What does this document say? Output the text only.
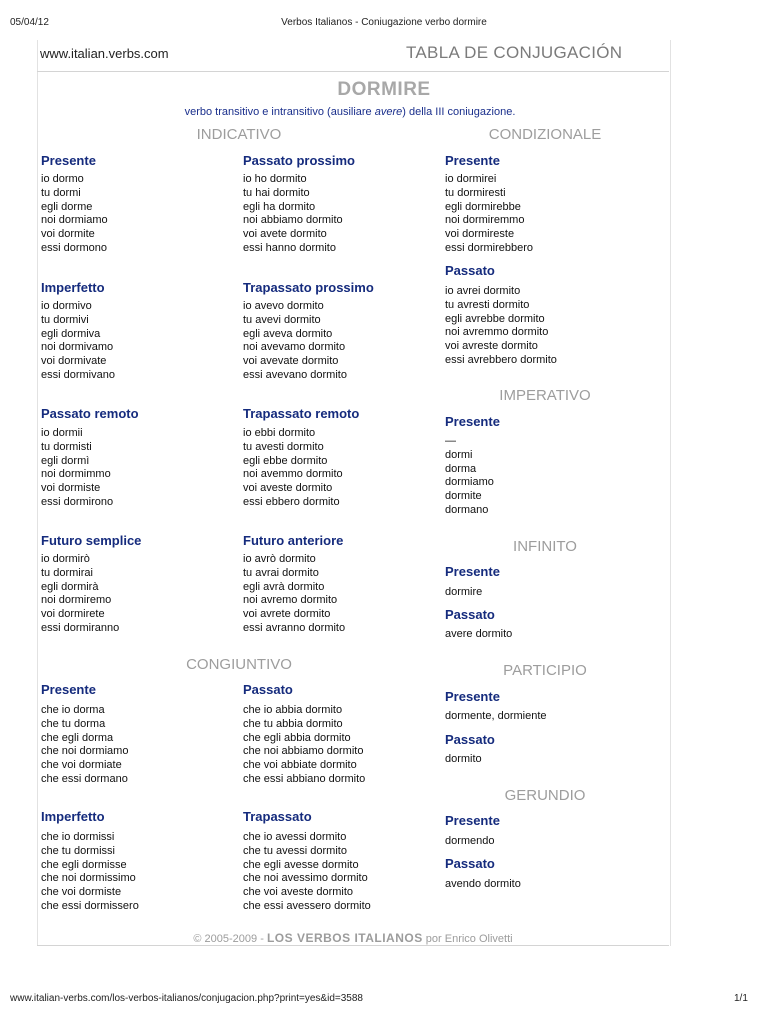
05/04/12	Verbos Italianos - Coniugazione verbo dormire
www.italian.verbs.com	TABLA DE CONJUGACIÓN
DORMIRE
verbo transitivo e intransitivo (ausiliare avere) della III coniugazione.
INDICATIVO	CONDIZIONALE
IMPERATIVO
INFINITO
CONGIUNTIVO	PARTICIPIO
GERUNDIO
Presente
io dormo
tu dormi
egli dorme
noi dormiamo
voi dormite
essi dormono
Imperfetto
io dormivo
tu dormivi
egli dormiva
noi dormivamo
voi dormivate
essi dormivano
Passato remoto
io dormii
tu dormisti
egli dormì
noi dormimmo
voi dormiste
essi dormirono
Futuro semplice
io dormirò
tu dormirai
egli dormirà
noi dormiremo
voi dormirete
essi dormiranno
Passato prossimo
io ho dormito
tu hai dormito
egli ha dormito
noi abbiamo dormito
voi avete dormito
essi hanno dormito
Trapassato prossimo
io avevo dormito
tu avevi dormito
egli aveva dormito
noi avevamo dormito
voi avevate dormito
essi avevano dormito
Trapassato remoto
io ebbi dormito
tu avesti dormito
egli ebbe dormito
noi avemmo dormito
voi aveste dormito
essi ebbero dormito
Futuro anteriore
io avrò dormito
tu avrai dormito
egli avrà dormito
noi avremo dormito
voi avrete dormito
essi avranno dormito
Presente
che io dorma
che tu dorma
che egli dorma
che noi dormiamo
che voi dormiate
che essi dormano
Passato
che io abbia dormito
che tu abbia dormito
che egli abbia dormito
che noi abbiamo dormito
che voi abbiate dormito
che essi abbiano dormito
Imperfetto
che io dormissi
che tu dormissi
che egli dormisse
che noi dormissimo
che voi dormiste
che essi dormissero
Trapassato
che io avessi dormito
che tu avessi dormito
che egli avesse dormito
che noi avessimo dormito
che voi aveste dormito
che essi avessero dormito
Presente
io dormirei
tu dormiresti
egli dormirebbe
noi dormiremmo
voi dormireste
essi dormirebbero
Passato
io avrei dormito
tu avresti dormito
egli avrebbe dormito
noi avremmo dormito
voi avreste dormito
essi avrebbero dormito
Presente
—
dormi
dorma
dormiamo
dormite
dormano
Presente
dormire
Passato
avere dormito
Presente
dormente, dormiente
Passato
dormito
Presente
dormendo
Passato
avendo dormito
© 2005-2009 - LOS VERBOS ITALIANOS por Enrico Olivetti
www.italian-verbs.com/los-verbos-italianos/conjugacion.php?print=yes&id=3588	1/1
